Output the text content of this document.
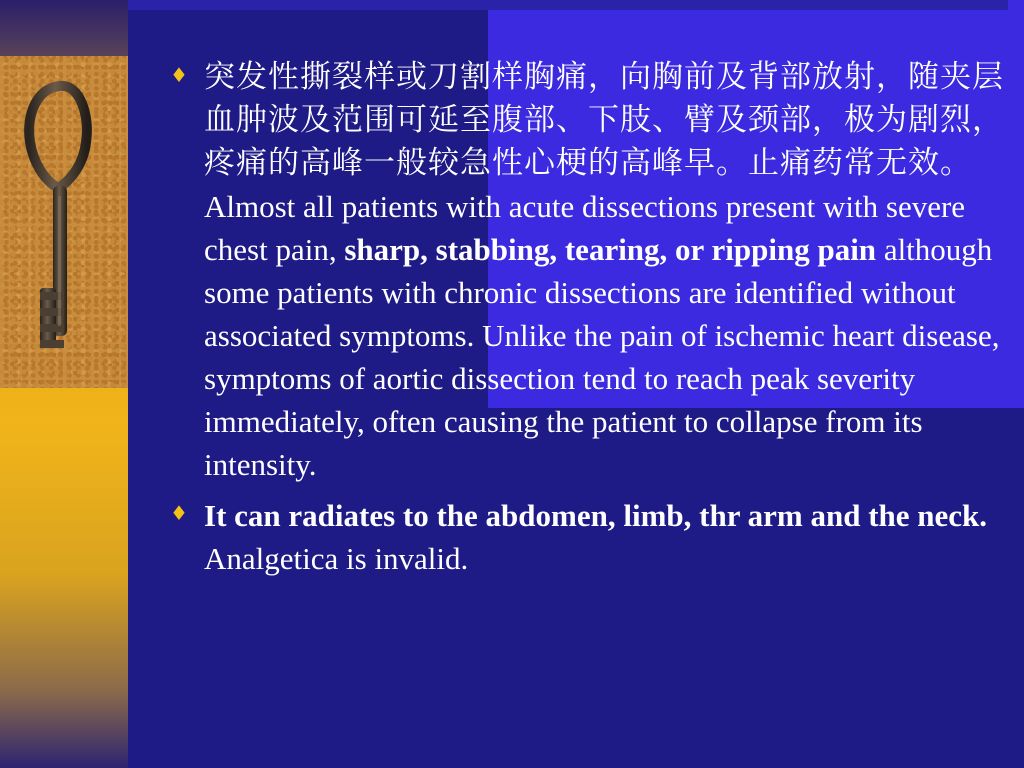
♦ 突发性撕裂样或刀割样胸痛，向胸前及背部放射，随夹层血肿波及范围可延至腹部、下肢、臂及颈部，极为剧烈，疼痛的高峰一般较急性心梗的高峰早。止痛药常无效。Almost all patients with acute dissections present with severe chest pain, sharp, stabbing, tearing, or ripping pain although some patients with chronic dissections are identified without associated symptoms. Unlike the pain of ischemic heart disease, symptoms of aortic dissection tend to reach peak severity immediately, often causing the patient to collapse from its intensity.
♦ It can radiates to the abdomen, limb, thr arm and the neck. Analgetica is invalid.
